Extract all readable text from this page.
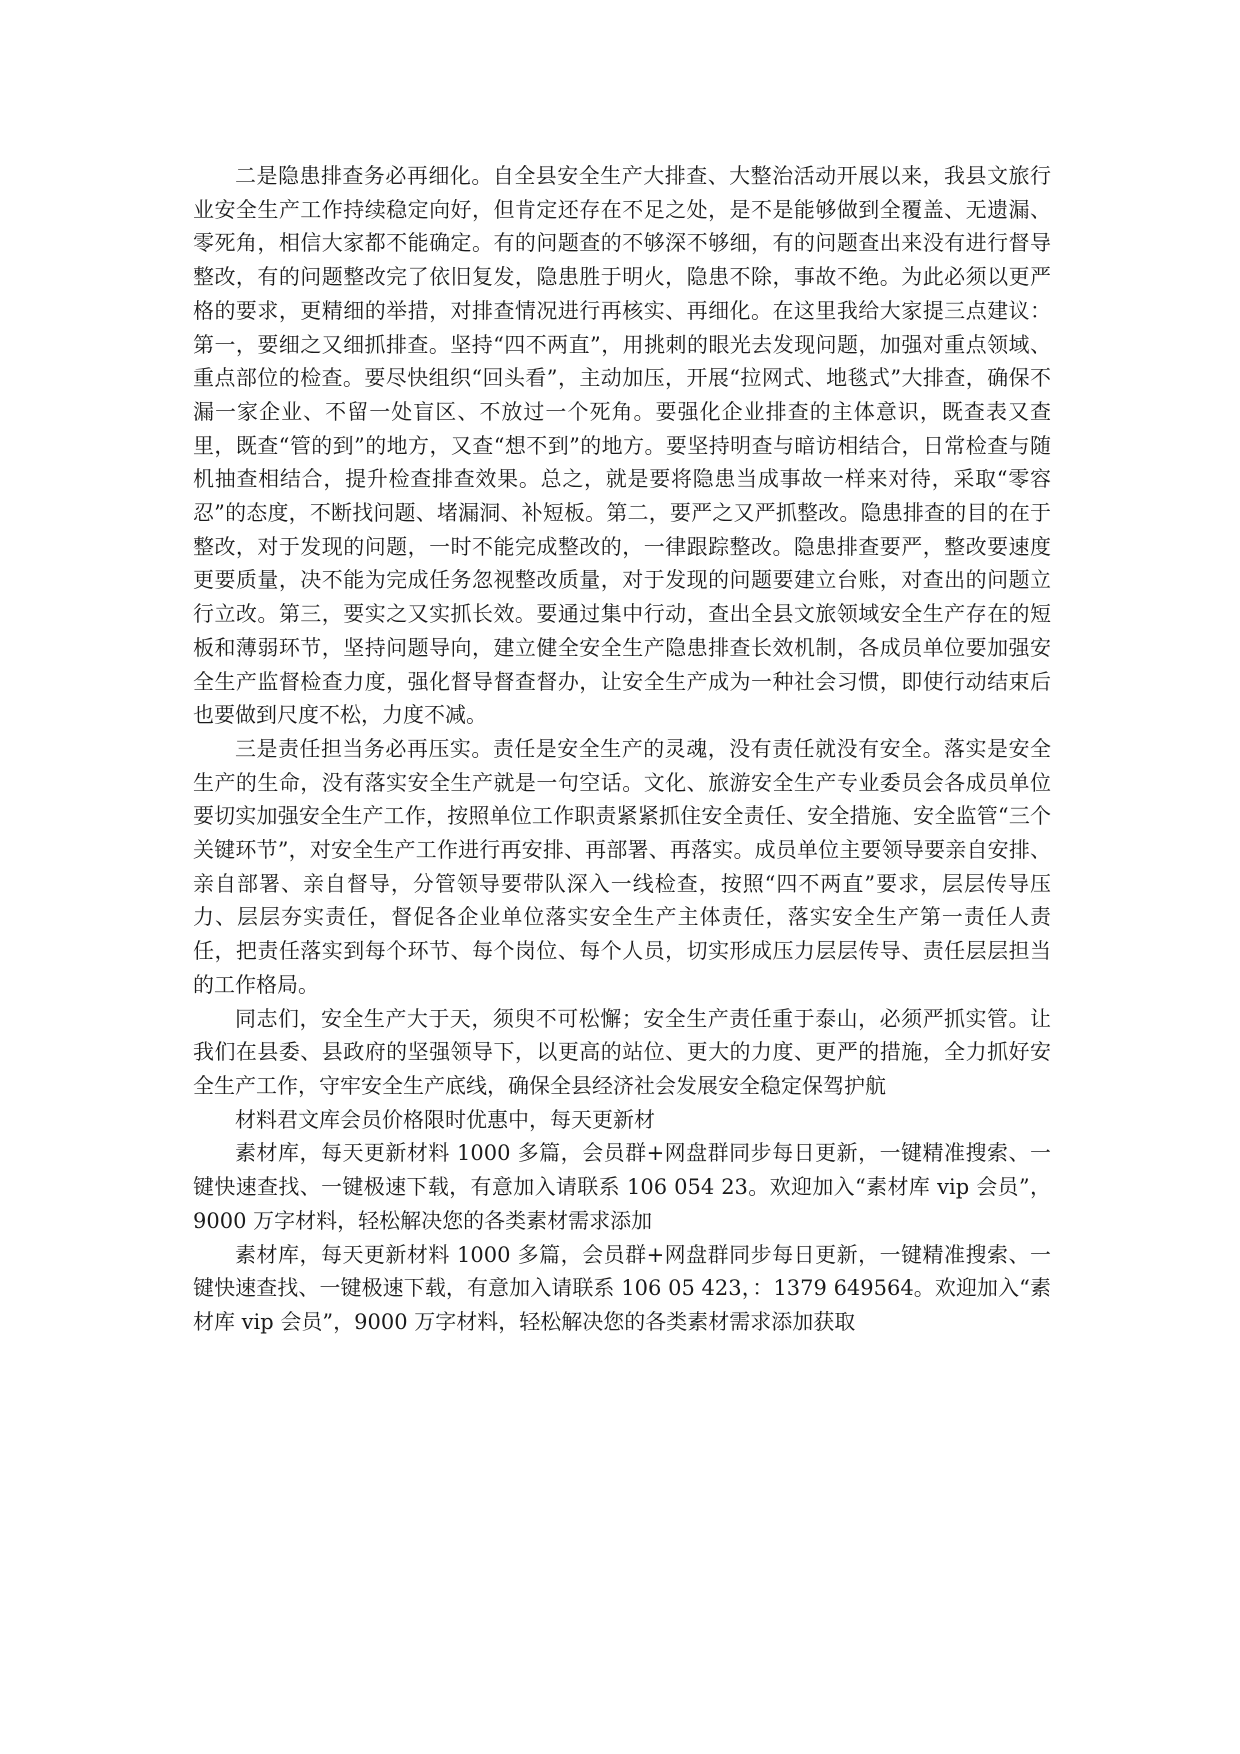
二是隐患排查务必再细化。自全县安全生产大排查、大整治活动开展以来，我县文旅行业安全生产工作持续稳定向好，但肯定还存在不足之处，是不是能够做到全覆盖、无遗漏、零死角，相信大家都不能确定。有的问题查的不够深不够细，有的问题查出来没有进行督导整改，有的问题整改完了依旧复发，隐患胜于明火，隐患不除，事故不绝。为此必须以更严格的要求，更精细的举措，对排查情况进行再核实、再细化。在这里我给大家提三点建议：第一，要细之又细抓排查。坚持“四不两直”，用挑刺的眼光去发现问题，加强对重点领域、重点部位的检查。要尽快组织“回头看”，主动加压，开展“拉网式、地毯式”大排查，确保不漏一家企业、不留一处盲区、不放过一个死角。要强化企业排查的主体意识，既查表又查里，既查“管的到”的地方，又查“想不到”的地方。要坚持明查与暗访相结合，日常检查与随机抽查相结合，提升检查排查效果。总之，就是要将隐患当成事故一样来对待，采取“零容忍”的态度，不断找问题、堵漏洞、补短板。第二，要严之又严抓整改。隐患排查的目的在于整改，对于发现的问题，一时不能完成整改的，一律跟踪整改。隐患排查要严，整改要速度更要质量，决不能为完成任务忽视整改质量，对于发现的问题要建立台账，对查出的问题立行立改。第三，要实之又实抓长效。要通过集中行动，查出全县文旅领域安全生产存在的短板和薄弱环节，坚持问题导向，建立健全安全生产隐患排查长效机制，各成员单位要加强安全生产监督检查力度，强化督导督查督办，让安全生产成为一种社会习惯，即使行动结束后也要做到尺度不松，力度不减。

三是责任担当务必再压实。责任是安全生产的灵魂，没有责任就没有安全。落实是安全生产的生命，没有落实安全生产就是一句空话。文化、旅游安全生产专业委员会各成员单位要切实加强安全生产工作，按照单位工作职责紧紧抓住安全责任、安全措施、安全监管“三个关键环节”，对安全生产工作进行再安排、再部署、再落实。成员单位主要领导要亲自安排、亲自部署、亲自督导，分管领导要带队深入一线检查，按照“四不两直”要求，层层传导压力、层层夯实责任，督促各企业单位落实安全生产主体责任，落实安全生产第一责任人责任，把责任落实到每个环节、每个岗位、每个人员，切实形成压力层层传导、责任层层担当的工作格局。

同志们，安全生产大于天，须臾不可松懈；安全生产责任重于泰山，必须严抓实管。让我们在县委、县政府的坚强领导下，以更高的站位、更大的力度、更严的措施，全力抓好安全生产工作，守牢安全生产底线，确保全县经济社会发展安全稳定保驾护航

材料君文库会员价格限时优惠中，每天更新材

素材库，每天更新材料 1000 多篇，会员群+网盘群同步每日更新，一键精准搜索、一键快速查找、一键极速下载，有意加入请联系 106 054 23。欢迎加入“素材库 vip 会员”，9000 万字材料，轻松解决您的各类素材需求添加

素材库，每天更新材料 1000 多篇，会员群+网盘群同步每日更新，一键精准搜索、一键快速查找、一键极速下载，有意加入请联系 106 05 423，：1379 649564。欢迎加入“素材库 vip 会员”，9000 万字材料，轻松解决您的各类素材需求添加获取
